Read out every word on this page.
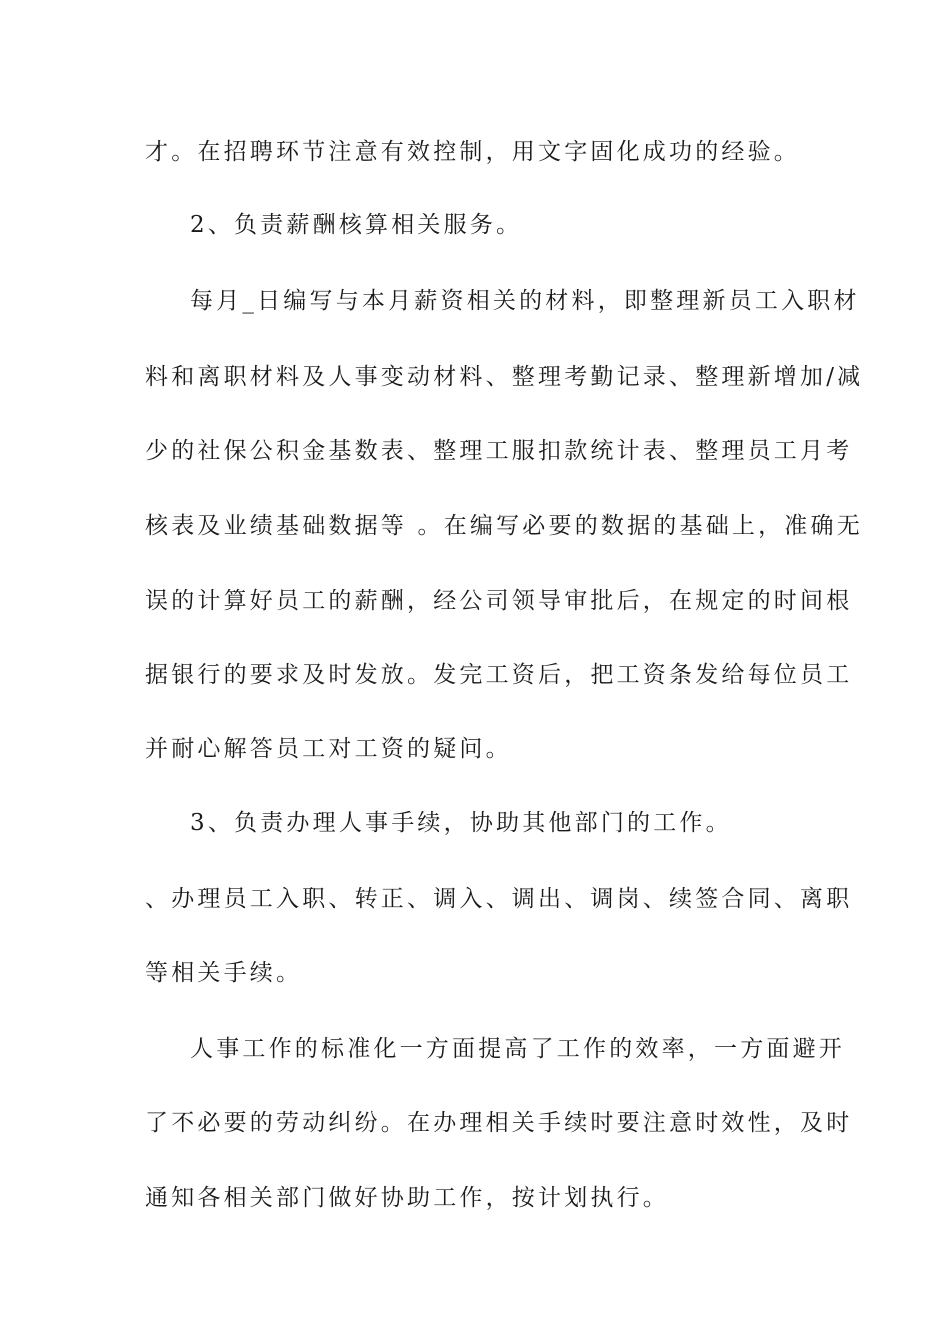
才。在招聘环节注意有效控制，用文字固化成功的经验。
2、负责薪酬核算相关服务。
每月_日编写与本月薪资相关的材料，即整理新员工入职材
料和离职材料及人事变动材料、整理考勤记录、整理新增加/减
少的社保公积金基数表、整理工服扣款统计表、整理员工月考
核表及业绩基础数据等 。在编写必要的数据的基础上，准确无
误的计算好员工的薪酬，经公司领导审批后，在规定的时间根
据银行的要求及时发放。发完工资后，把工资条发给每位员工
并耐心解答员工对工资的疑问。
3、负责办理人事手续，协助其他部门的工作。
、办理员工入职、转正、调入、调出、调岗、续签合同、离职
等相关手续。
人事工作的标准化一方面提高了工作的效率，一方面避开
了不必要的劳动纠纷。在办理相关手续时要注意时效性，及时
通知各相关部门做好协助工作，按计划执行。
